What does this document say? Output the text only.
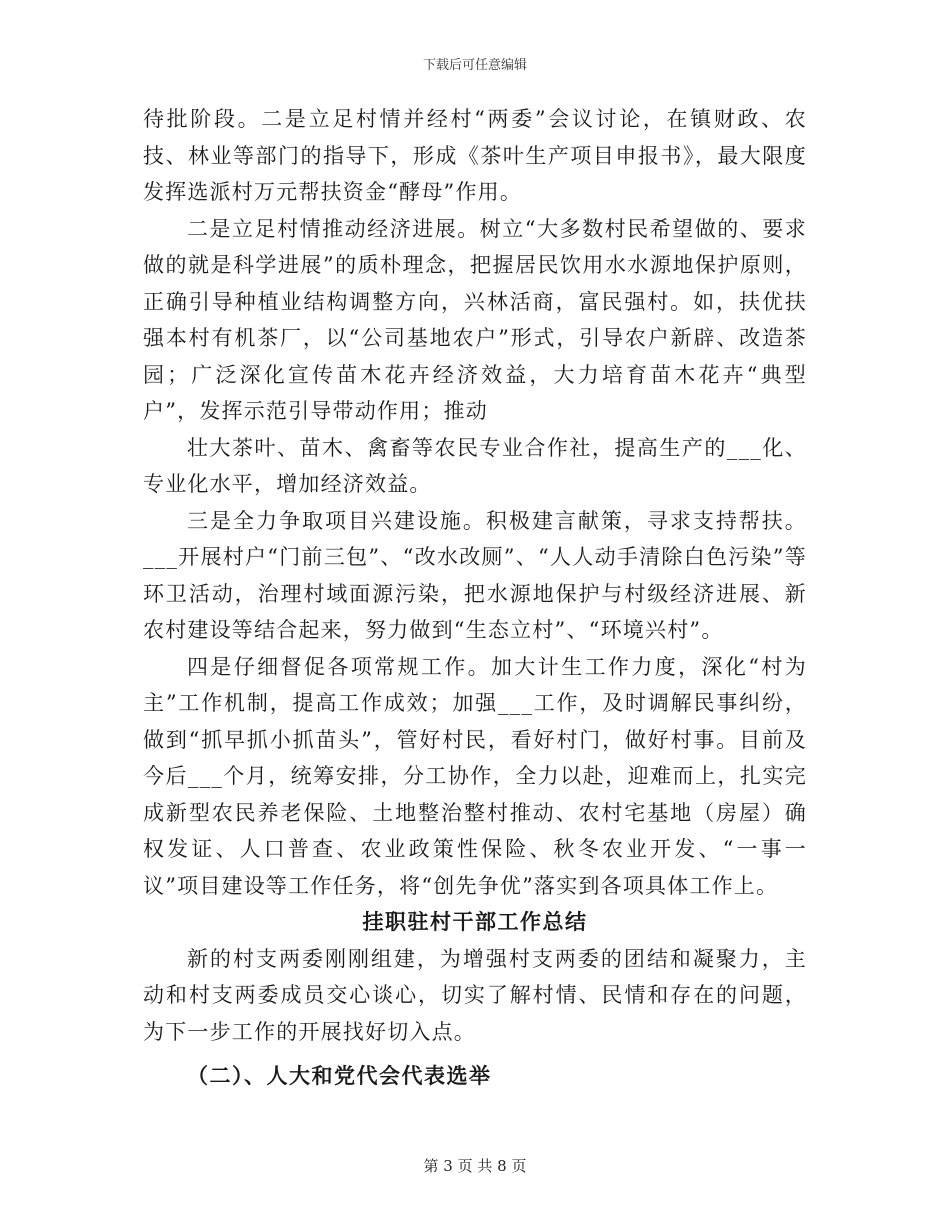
下载后可任意编辑

待批阶段。二是立足村情并经村“两委”会议讨论，在镇财政、农技、林业等部门的指导下，形成《茶叶生产项目申报书》，最大限度发挥选派村万元帮扶资金“酵母”作用。

二是立足村情推动经济进展。树立“大多数村民希望做的、要求做的就是科学进展”的质朴理念，把握居民饮用水水源地保护原则，正确引导种植业结构调整方向，兴林活商，富民强村。如，扶优扶强本村有机茶厂，以“公司基地农户”形式，引导农户新辟、改造茶园；广泛深化宣传苗木花卉经济效益，大力培育苗木花卉“典型户”，发挥示范引导带动作用；推动

壮大茶叶、苗木、禽畜等农民专业合作社，提高生产的___化、专业化水平，增加经济效益。

三是全力争取项目兴建设施。积极建言献策，寻求支持帮扶。___开展村户“门前三包”、“改水改厕”、“人人动手清除白色污染”等环卫活动，治理村域面源污染，把水源地保护与村级经济进展、新农村建设等结合起来，努力做到“生态立村”、“环境兴村”。

四是仔细督促各项常规工作。加大计生工作力度，深化“村为主”工作机制，提高工作成效；加强___工作，及时调解民事纠纷，做到“抓早抓小抓苗头”，管好村民，看好村门，做好村事。目前及今后___个月，统筹安排，分工协作，全力以赴，迎难而上，扎实完成新型农民养老保险、土地整治整村推动、农村宅基地（房屋）确权发证、人口普查、农业政策性保险、秋冬农业开发、“一事一议”项目建设等工作任务，将“创先争优”落实到各项具体工作上。

挂职驻村干部工作总结

新的村支两委刚刚组建，为增强村支两委的团结和凝聚力，主动和村支两委成员交心谈心，切实了解村情、民情和存在的问题，为下一步工作的开展找好切入点。

（二）、人大和党代会代表选举

第 3 页 共 8 页
